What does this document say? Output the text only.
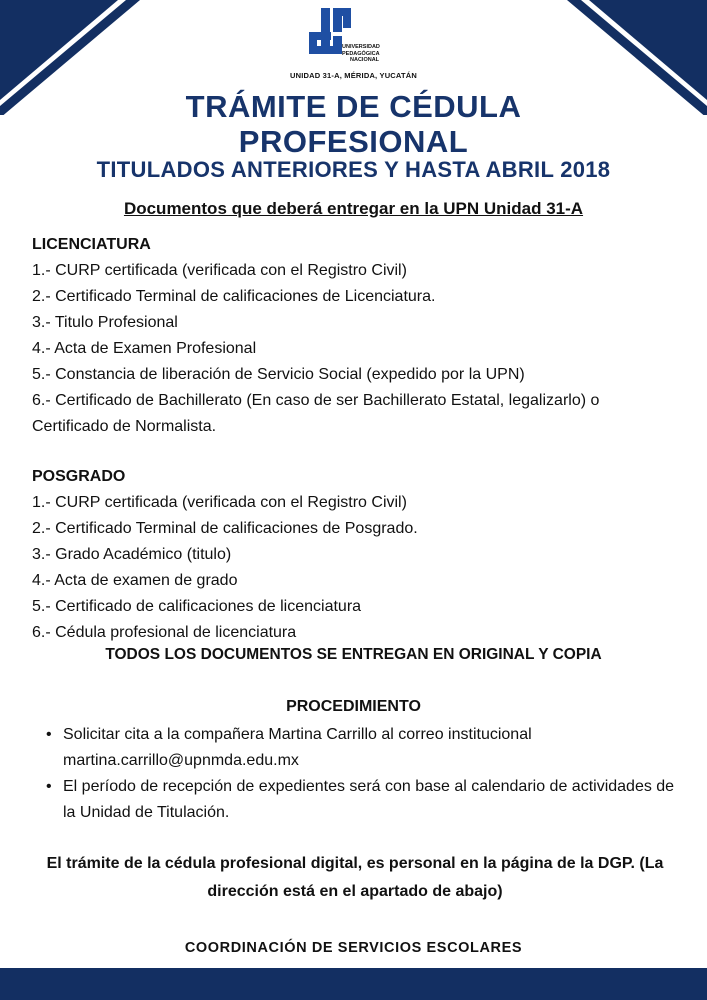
UNIVERSIDAD
PEDAGÓGICA
NACIONAL
UNIDAD 31-A, MÉRIDA, YUCATÁN
TRÁMITE DE CÉDULA
PROFESIONAL
TITULADOS ANTERIORES Y HASTA ABRIL 2018
Documentos que deberá entregar en la UPN Unidad 31-A
LICENCIATURA

1.- CURP certificada (verificada con el Registro Civil)

2.- Certificado Terminal de calificaciones de Licenciatura.

3.- Titulo Profesional

4.- Acta de Examen Profesional

5.- Constancia de liberación de Servicio Social (expedido por la UPN)

6.- Certificado de Bachillerato (En caso de ser Bachillerato Estatal, legalizarlo) o Certificado de Normalista.

POSGRADO

1.- CURP certificada (verificada con el Registro Civil)

2.- Certificado Terminal de calificaciones de Posgrado.

3.- Grado Académico (titulo)

4.- Acta de examen de grado

5.- Certificado de calificaciones de licenciatura

6.- Cédula profesional de licenciatura

TODOS LOS DOCUMENTOS SE ENTREGAN EN ORIGINAL Y COPIA
PROCEDIMIENTO
• Solicitar cita a la compañera Martina Carrillo al correo institucional
martina.carrillo@upnmda.edu.mx
• El período de recepción de expedientes será con base al calendario de actividades de la Unidad de Titulación.

El trámite de la cédula profesional digital, es personal en la página de la DGP. (La dirección está en el apartado de abajo)

COORDINACIÓN DE SERVICIOS ESCOLARES
